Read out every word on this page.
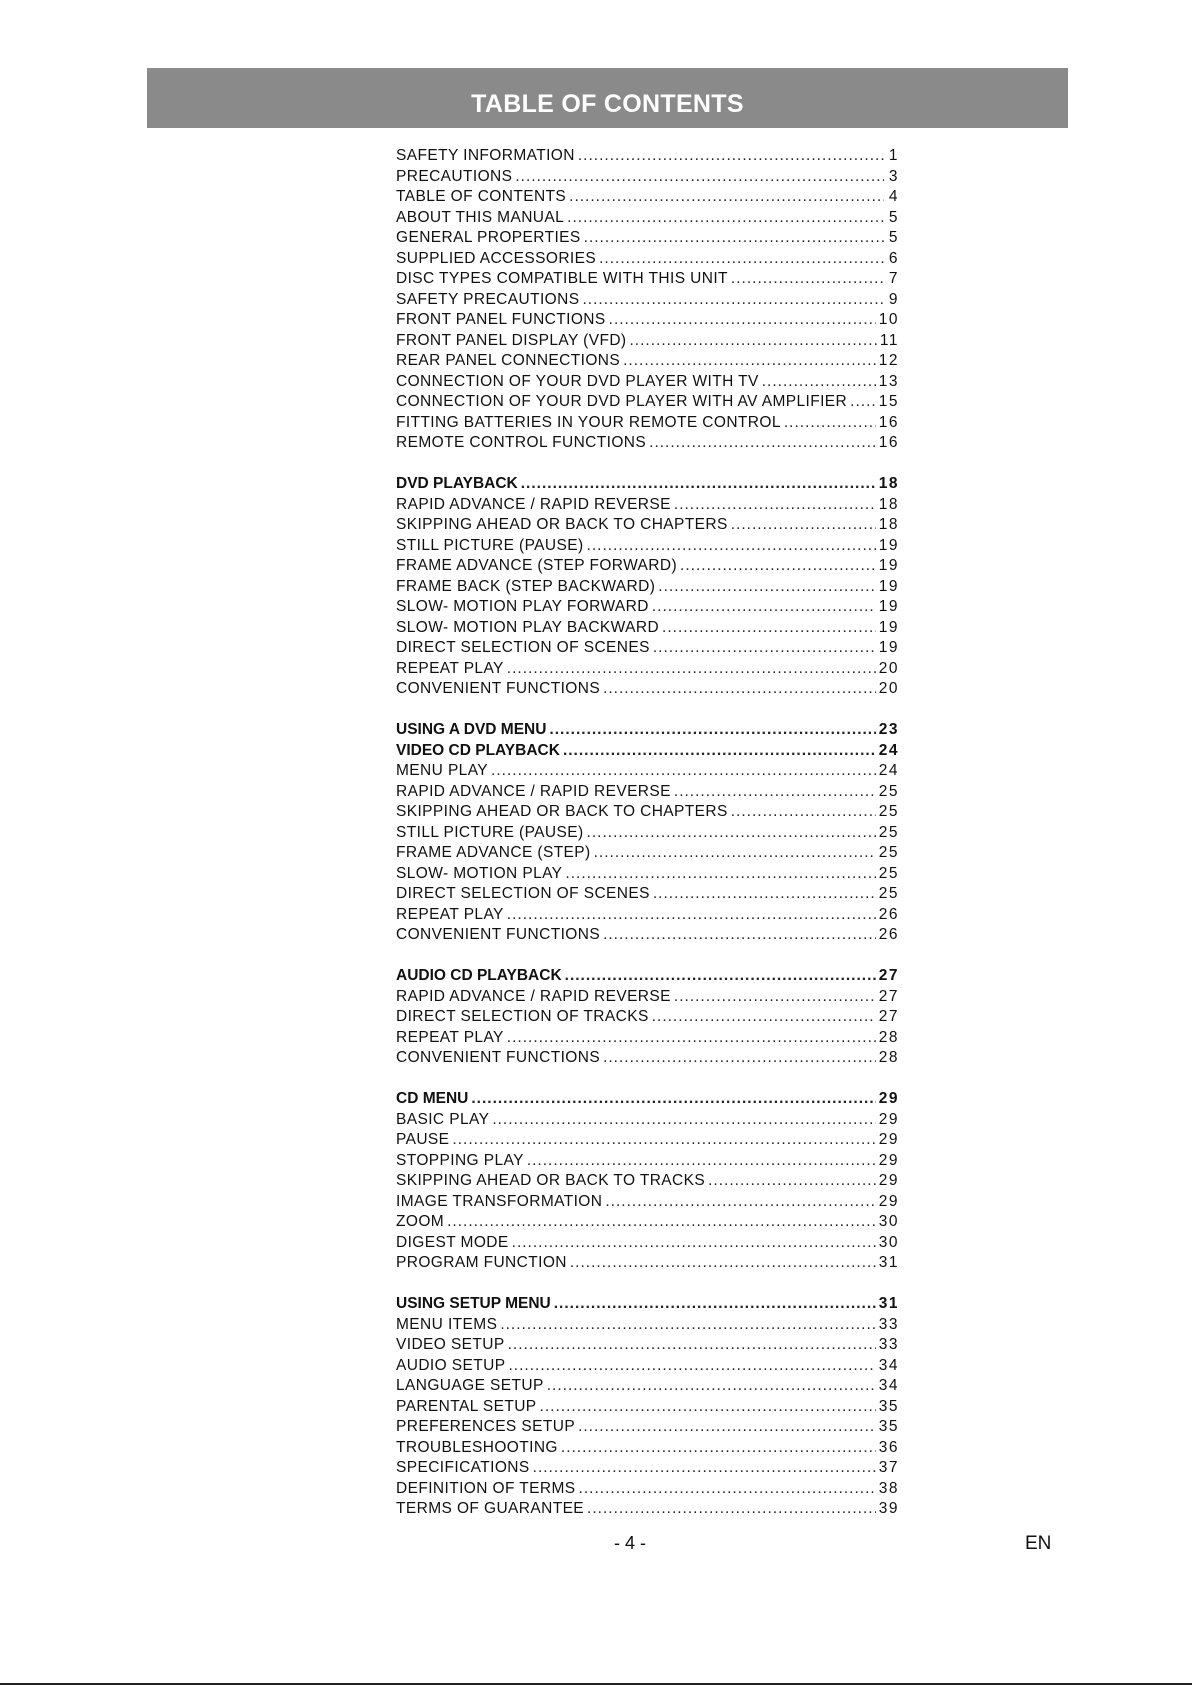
TABLE OF CONTENTS
SAFETY INFORMATION .....	1
PRECAUTIONS .....	3
TABLE OF CONTENTS .....	4
ABOUT THIS MANUAL .....	5
GENERAL PROPERTIES .....	5
SUPPLIED ACCESSORIES .....	6
DISC TYPES COMPATIBLE WITH THIS UNIT .....	7
SAFETY PRECAUTIONS .....	9
FRONT PANEL FUNCTIONS .....	10
FRONT PANEL DISPLAY (VFD) .....	11
REAR PANEL CONNECTIONS .....	12
CONNECTION OF YOUR DVD PLAYER WITH TV .....	13
CONNECTION OF YOUR DVD PLAYER WITH AV AMPLIFIER ..... 15
FITTING BATTERIES IN YOUR REMOTE CONTROL .....	16
REMOTE CONTROL FUNCTIONS .....	16
DVD PLAYBACK .....	18
RAPID ADVANCE / RAPID REVERSE .....	18
SKIPPING AHEAD OR BACK TO CHAPTERS .....	18
STILL PICTURE (PAUSE) .....	19
FRAME ADVANCE (STEP FORWARD) .....	19
FRAME BACK (STEP BACKWARD) .....	19
SLOW- MOTION PLAY FORWARD .....	19
SLOW- MOTION PLAY BACKWARD .....	19
DIRECT SELECTION OF SCENES .....	19
REPEAT PLAY .....	20
CONVENIENT FUNCTIONS .....	20
USING A DVD MENU .....	23
VIDEO CD PLAYBACK .....	24
MENU PLAY .....	24
RAPID ADVANCE / RAPID REVERSE .....	25
SKIPPING AHEAD OR BACK TO CHAPTERS .....	25
STILL PICTURE (PAUSE) .....	25
FRAME ADVANCE (STEP) .....	25
SLOW- MOTION PLAY .....	25
DIRECT SELECTION OF SCENES .....	25
REPEAT PLAY .....	26
CONVENIENT FUNCTIONS .....	26
AUDIO CD PLAYBACK .....	27
RAPID ADVANCE / RAPID REVERSE .....	27
DIRECT SELECTION OF TRACKS .....	27
REPEAT PLAY .....	28
CONVENIENT FUNCTIONS .....	28
CD MENU .....	29
BASIC PLAY .....	29
PAUSE .....	29
STOPPING PLAY .....	29
SKIPPING AHEAD OR BACK TO TRACKS .....	29
IMAGE TRANSFORMATION .....	29
ZOOM .....	30
DIGEST MODE .....	30
PROGRAM FUNCTION .....	31
USING SETUP MENU .....	31
MENU ITEMS .....	33
VIDEO SETUP .....	33
AUDIO SETUP .....	34
LANGUAGE SETUP .....	34
PARENTAL SETUP .....	35
PREFERENCES SETUP .....	35
TROUBLESHOOTING .....	36
SPECIFICATIONS .....	37
DEFINITION OF TERMS .....	38
TERMS OF GUARANTEE .....	39
- 4 -	EN
